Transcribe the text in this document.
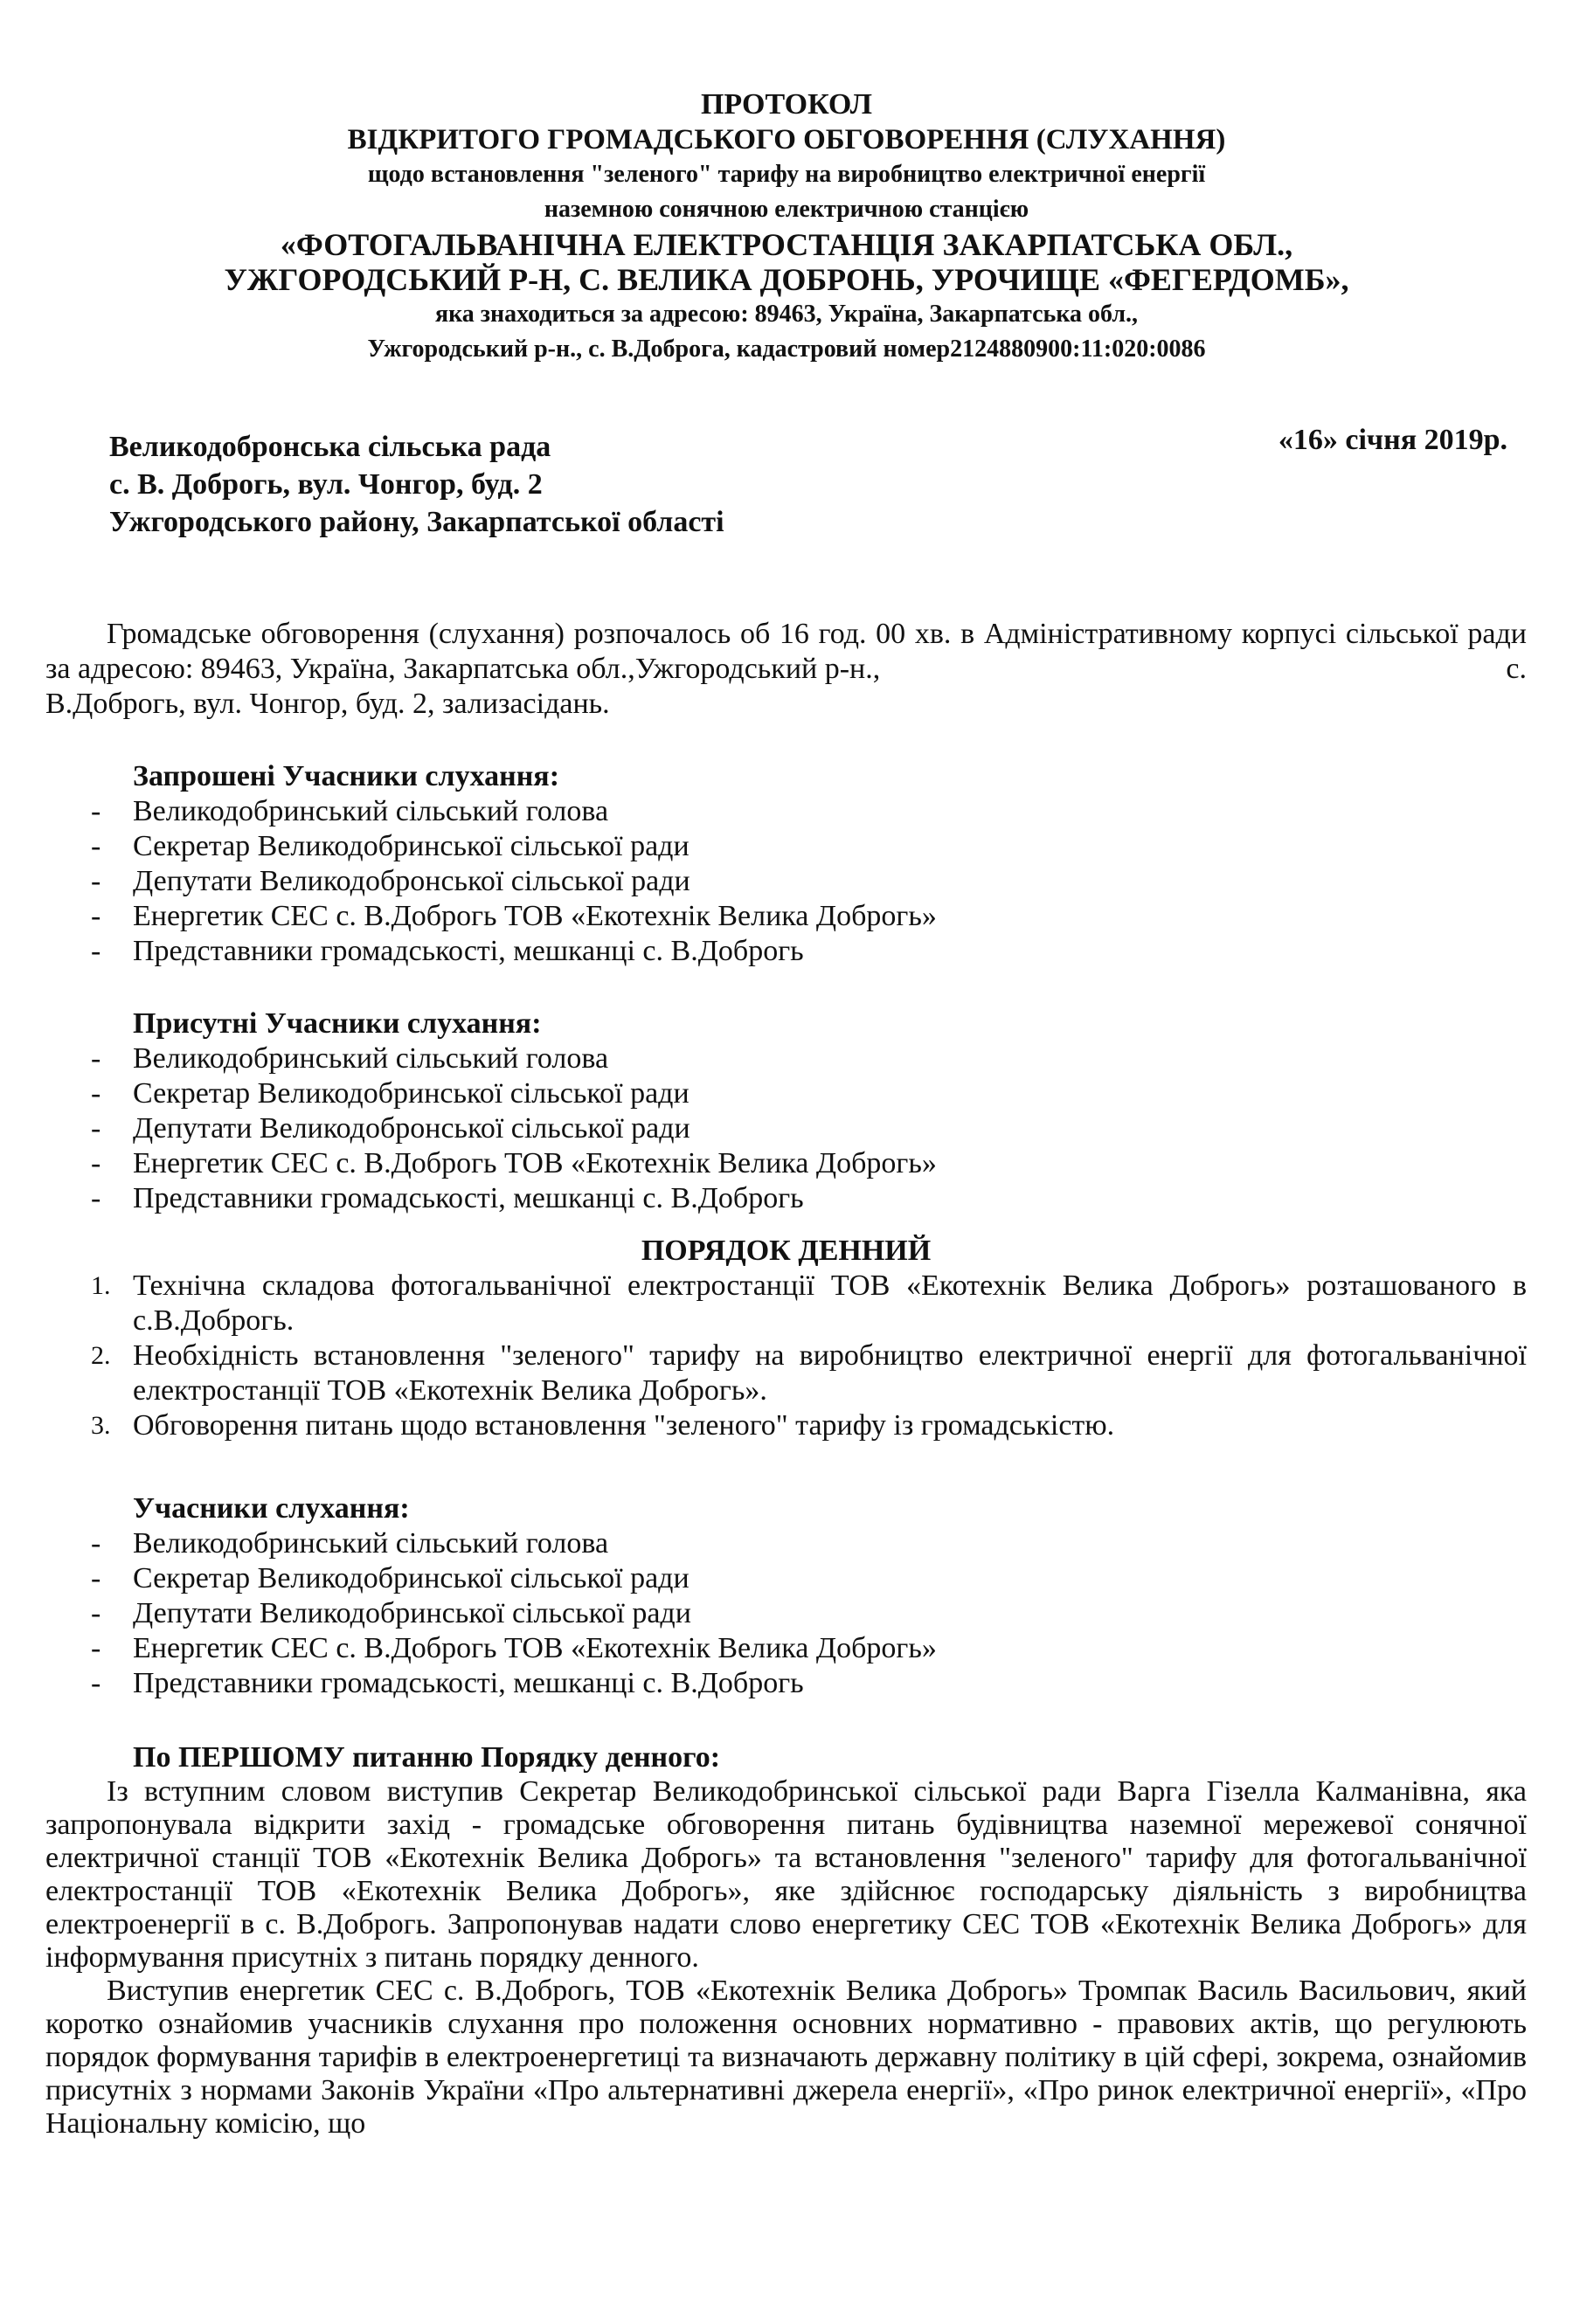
ПРОТОКОЛ
ВІДКРИТОГО ГРОМАДСЬКОГО ОБГОВОРЕННЯ (СЛУХАННЯ)
щодо встановлення "зеленого" тарифу на виробництво електричної енергії
наземною сонячною електричною станцією
«ФОТОГАЛЬВАНІЧНА ЕЛЕКТРОСТАНЦІЯ ЗАКАРПАТСЬКА ОБЛ.,
УЖГОРОДСЬКИЙ Р-Н, С. ВЕЛИКА ДОБРОНЬ, УРОЧИЩЕ «ФЕГЕРДОМБ»,
яка знаходиться за адресою: 89463, Україна, Закарпатська обл.,
Ужгородський р-н., с. В.Доброга, кадастровий номер2124880900:11:020:0086
Великодобронська сільська рада
с. В. Доброгь, вул. Чонгор, буд. 2
Ужгородського району, Закарпатської області
«16» січня 2019р.
Громадське обговорення (слухання) розпочалось об 16 год. 00 хв. в Адміністративному корпусі сільської ради за адресою: 89463, Україна, Закарпатська обл.,Ужгородський р-н.,	с.
В.Доброгь, вул. Чонгор, буд. 2, зализасідань.
Запрошені Учасники слухання:
- Великодобринський сільський голова
- Секретар Великодобринської сільської ради
- Депутати Великодобронської сільської ради
- Енергетик СЕС с. В.Доброгь ТОВ «Екотехнік Велика Доброгь»
- Представники громадськості, мешканці с. В.Доброгь
Присутні Учасники слухання:
- Великодобринський сільський голова
- Секретар Великодобринської сільської ради
- Депутати Великодобронської сільської ради
- Енергетик СЕС с. В.Доброгь ТОВ «Екотехнік Велика Доброгь»
- Представники громадськості, мешканці с. В.Доброгь
ПОРЯДОК ДЕННИЙ
1. Технічна складова фотогальванічної електростанції ТОВ «Екотехнік Велика Доброгь» розташованого в с.В.Доброгь.
2. Необхідність встановлення "зеленого" тарифу на виробництво електричної енергії для фотогальванічної електростанції ТОВ «Екотехнік Велика Доброгь».
3. Обговорення питань щодо встановлення "зеленого" тарифу із громадськістю.
Учасники слухання:
- Великодобринський сільський голова
- Секретар Великодобринської сільської ради
- Депутати Великодобринської сільської ради
- Енергетик СЕС с. В.Доброгь ТОВ «Екотехнік Велика Доброгь»
- Представники громадськості, мешканці с. В.Доброгь
По ПЕРШОМУ питанню Порядку денного:

Із вступним словом виступив Секретар Великодобринської сільської ради Варга Гізелла Калманівна, яка запропонувала відкрити захід - громадське обговорення питань будівництва наземної мережевої сонячної електричної станції ТОВ «Екотехнік Велика Доброгь» та встановлення "зеленого" тарифу для фотогальванічної електростанції ТОВ «Екотехнік Велика Доброгь», яке здійснює господарську діяльність з виробництва електроенергії в с. В.Доброгь. Запропонував надати слово енергетику СЕС ТОВ «Екотехнік Велика Доброгь» для інформування присутніх з питань порядку денного.

Виступив енергетик СЕС с. В.Доброгь, ТОВ «Екотехнік Велика Доброгь» Тромпак Василь Васильович, який коротко ознайомив учасників слухання про положення основних нормативно - правових актів, що регулюють порядок формування тарифів в електроенергетиці та визначають державну політику в цій сфері, зокрема, ознайомив присутніх з нормами Законів України «Про альтернативні джерела енергії», «Про ринок електричної енергії», «Про Національну комісію, що
